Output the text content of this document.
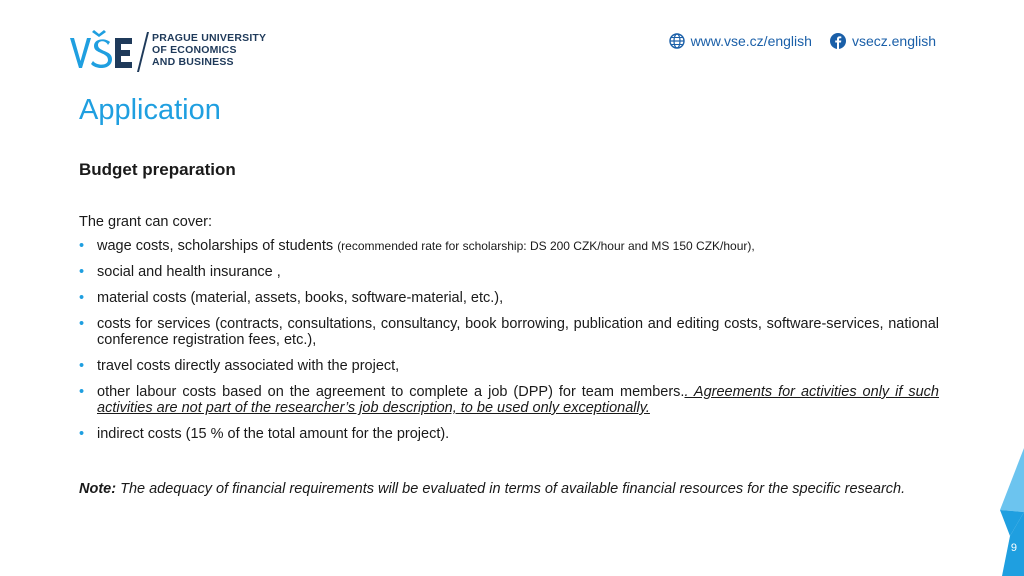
PRAGUE UNIVERSITY
OF ECONOMICS
AND BUSINESS
www.vse.cz/english	vsecz.english
Application
Budget preparation

The grant can cover:

• wage costs, scholarships of students (recommended rate for scholarship: DS 200 CZK/hour and MS 150 CZK/hour),
• social and health insurance ,
• material costs (material, assets, books, software-material, etc.),
• costs for services (contracts, consultations, consultancy, book borrowing, publication and editing costs, software-services, national conference registration fees, etc.),
• travel costs directly associated with the project,
• other labour costs based on the agreement to complete a job (DPP) for team members.. Agreements for activities only if such activities are not part of the researcher’s job description, to be used only exceptionally.
• indirect costs (15 % of the total amount for the project).
Note: The adequacy of financial requirements will be evaluated in terms of available financial resources for the specific research.
9
